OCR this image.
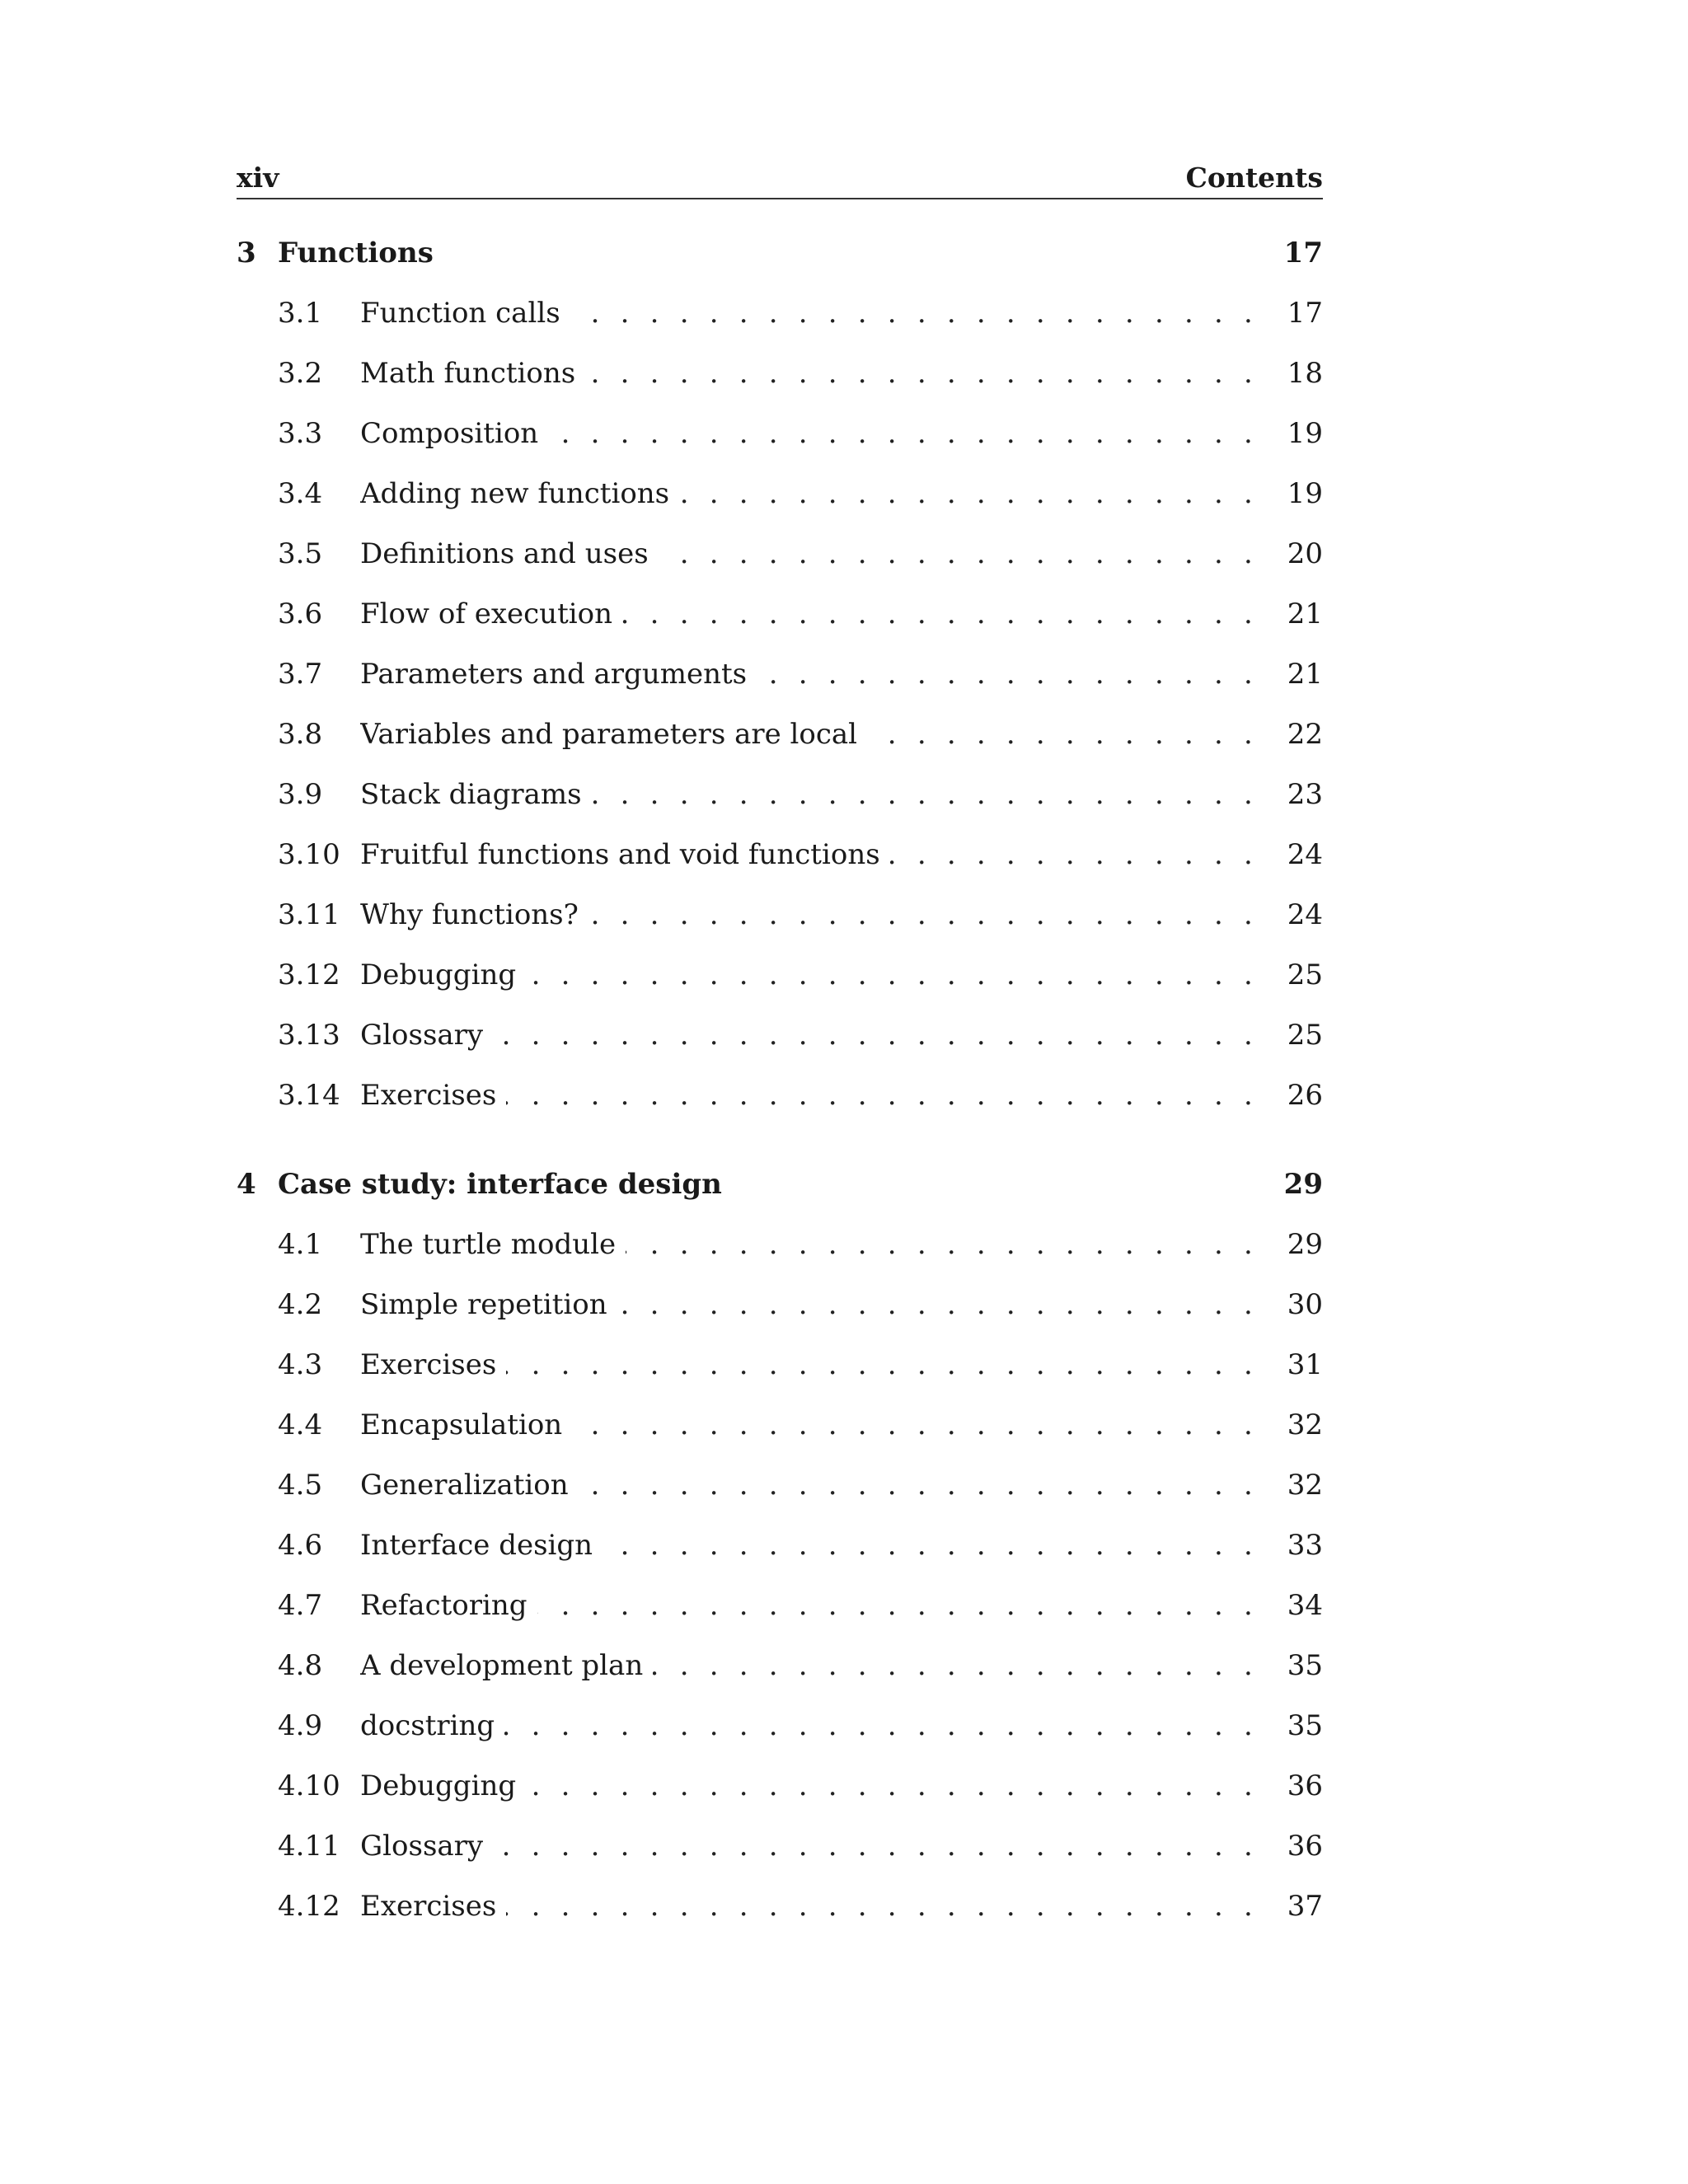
xiv	Contents
3 Functions	17
3.1 Function calls . . .	17
3.2 Math functions . . .	18
3.3 Composition . . .	19
3.4 Adding new functions . . .	19
3.5 Definitions and uses . . .	20
3.6 Flow of execution . . .	21
3.7 Parameters and arguments . . .	21
3.8 Variables and parameters are local . . .	22
3.9 Stack diagrams . . .	23
3.10 Fruitful functions and void functions . . .	24
3.11 Why functions? . . .	24
3.12 Debugging . . .	25
3.13 Glossary . . .	25
3.14 Exercises . . .	26
4 Case study: interface design	29
4.1 The turtle module . . .	29
4.2 Simple repetition . . .	30
4.3 Exercises . . .	31
4.4 Encapsulation . . .	32
4.5 Generalization . . .	32
4.6 Interface design . . .	33
4.7 Refactoring . . .	34
4.8 A development plan . . .	35
4.9 docstring . . .	35
4.10 Debugging . . .	36
4.11 Glossary . . .	36
4.12 Exercises . . .	37
